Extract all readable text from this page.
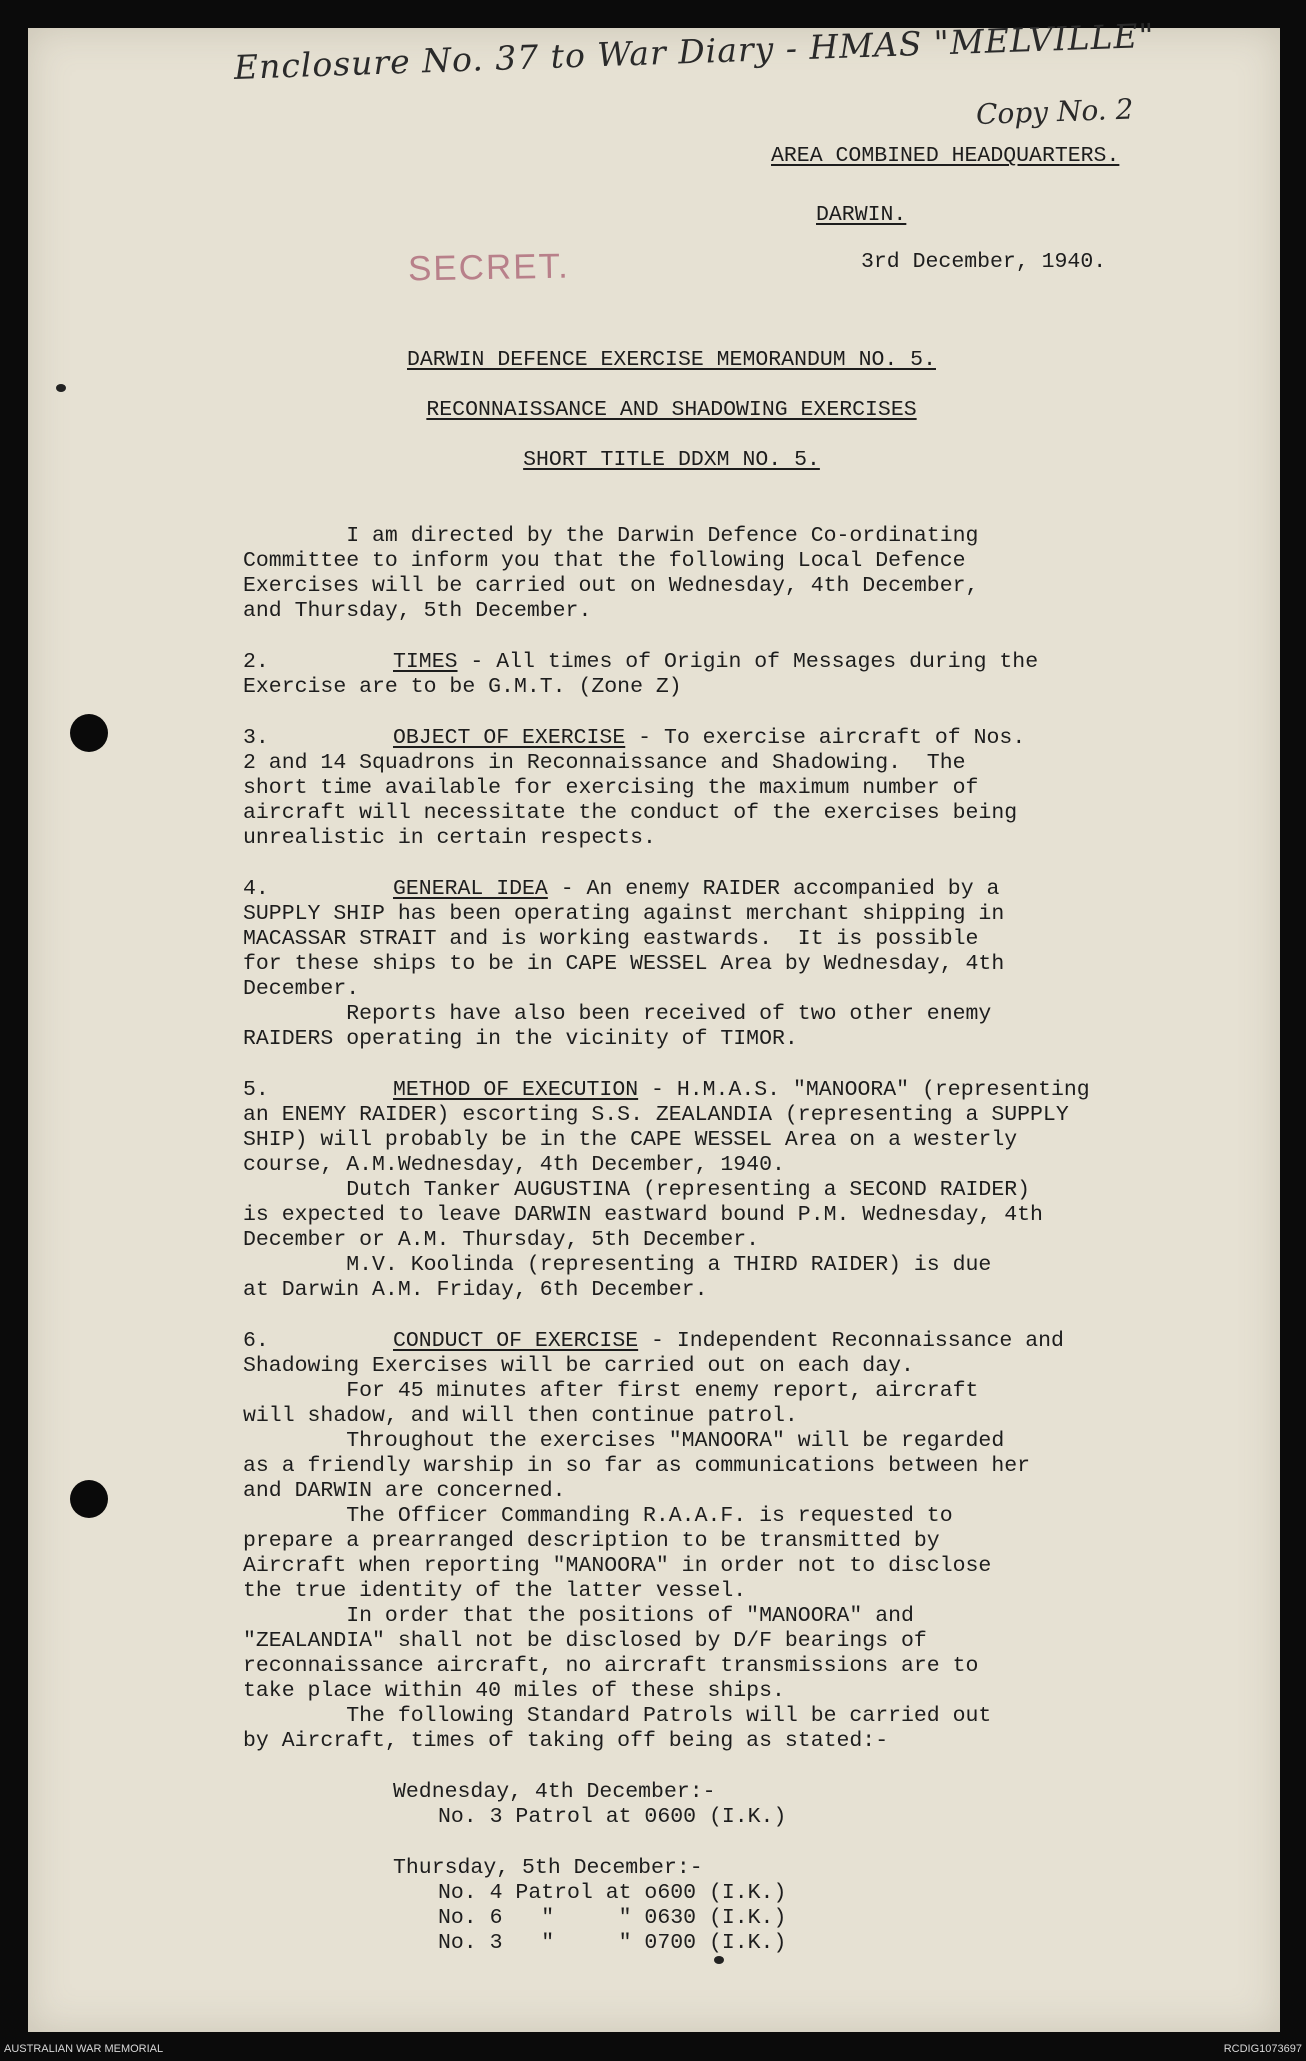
Enclosure No. 37 to War Diary - HMAS "MELVILLE"
Copy No. 2
SECRET.
AREA COMBINED HEADQUARTERS.
DARWIN.
3rd December, 1940.
DARWIN DEFENCE EXERCISE MEMORANDUM NO. 5.
RECONNAISSANCE AND SHADOWING EXERCISES
SHORT TITLE DDXM NO. 5.

I am directed by the Darwin Defence Co-ordinating

Committee to inform you that the following Local Defence

Exercises will be carried out on Wednesday, 4th December,

and Thursday, 5th December.

2.	TIMES - All times of Origin of Messages during the

Exercise are to be G.M.T. (Zone Z)

3.	OBJECT OF EXERCISE - To exercise aircraft of Nos.

2 and 14 Squadrons in Reconnaissance and Shadowing.  The

short time available for exercising the maximum number of

aircraft will necessitate the conduct of the exercises being

unrealistic in certain respects.

4.	GENERAL IDEA - An enemy RAIDER accompanied by a

SUPPLY SHIP has been operating against merchant shipping in

MACASSAR STRAIT and is working eastwards.  It is possible

for these ships to be in CAPE WESSEL Area by Wednesday, 4th

December.

Reports have also been received of two other enemy

RAIDERS operating in the vicinity of TIMOR.

5.	METHOD OF EXECUTION - H.M.A.S. "MANOORA" (representing

an ENEMY RAIDER) escorting S.S. ZEALANDIA (representing a SUPPLY

SHIP) will probably be in the CAPE WESSEL Area on a westerly

course, A.M.Wednesday, 4th December, 1940.

Dutch Tanker AUGUSTINA (representing a SECOND RAIDER)

is expected to leave DARWIN eastward bound P.M. Wednesday, 4th

December or A.M. Thursday, 5th December.

M.V. Koolinda (representing a THIRD RAIDER) is due

at Darwin A.M. Friday, 6th December.

6.	CONDUCT OF EXERCISE - Independent Reconnaissance and

Shadowing Exercises will be carried out on each day.

For 45 minutes after first enemy report, aircraft

will shadow, and will then continue patrol.

Throughout the exercises "MANOORA" will be regarded

as a friendly warship in so far as communications between her

and DARWIN are concerned.

The Officer Commanding R.A.A.F. is requested to

prepare a prearranged description to be transmitted by

Aircraft when reporting "MANOORA" in order not to disclose

the true identity of the latter vessel.

In order that the positions of "MANOORA" and

"ZEALANDIA" shall not be disclosed by D/F bearings of

reconnaissance aircraft, no aircraft transmissions are to

take place within 40 miles of these ships.

The following Standard Patrols will be carried out

by Aircraft, times of taking off being as stated:-

Wednesday, 4th December:-

No. 3 Patrol at 0600 (I.K.)

Thursday, 5th December:-

No. 4 Patrol at o600 (I.K.)

No. 6   "     " 0630 (I.K.)

No. 3   "     " 0700 (I.K.)

AUSTRALIAN WAR MEMORIAL	RCDIG1073697
